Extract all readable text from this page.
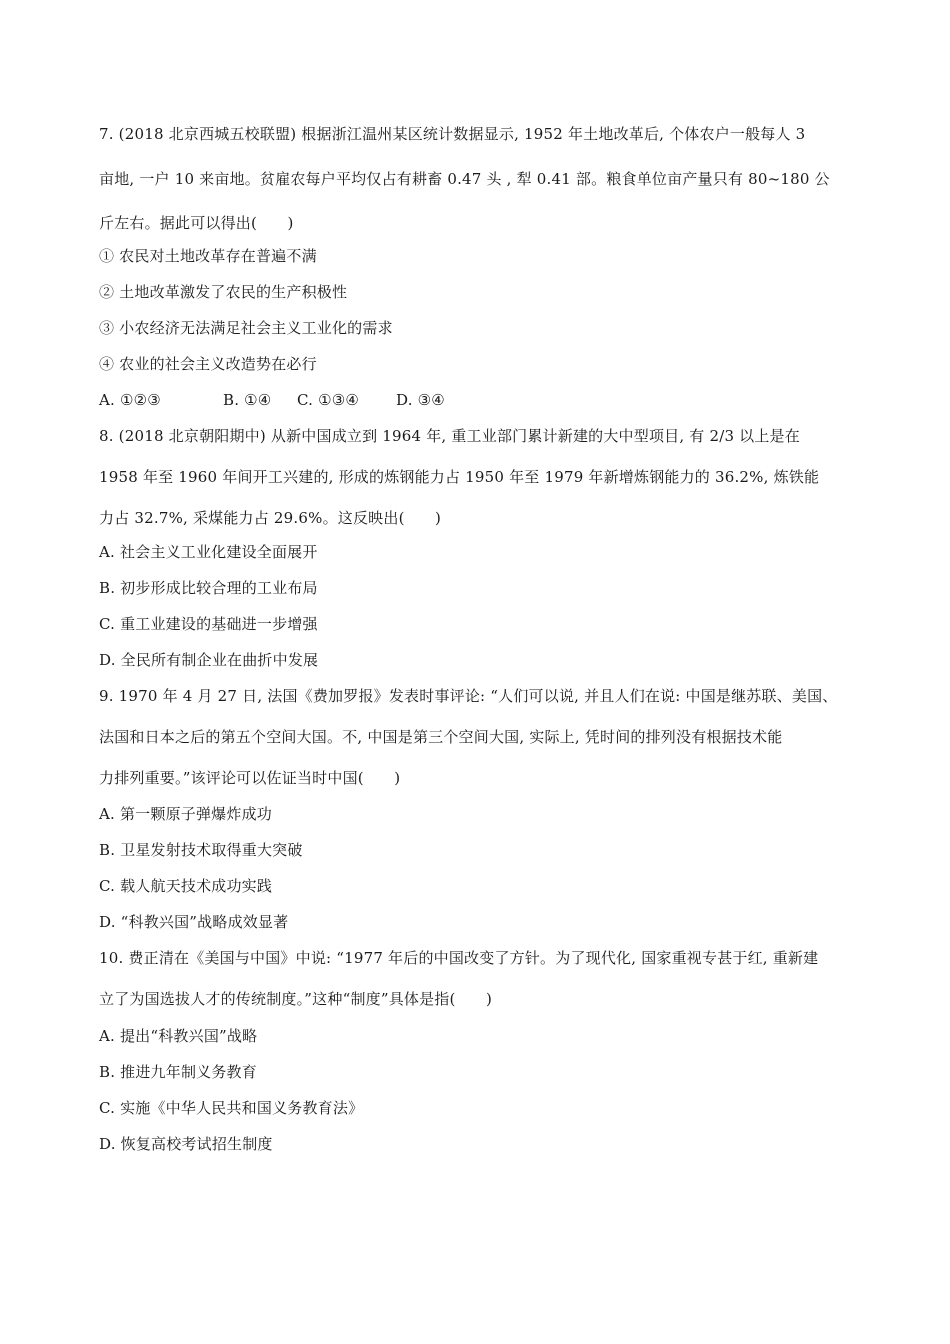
7. (2018 北京西城五校联盟) 根据浙江温州某区统计数据显示, 1952 年土地改革后, 个体农户一般每人 3
亩地, 一户 10 来亩地。贫雇农每户平均仅占有耕畜 0.47 头 , 犁 0.41 部。粮食单位亩产量只有 80~180 公
斤左右。据此可以得出(　　)
① 农民对土地改革存在普遍不满
② 土地改革激发了农民的生产积极性
③ 小农经济无法满足社会主义工业化的需求
④ 农业的社会主义改造势在必行
A. ①②③	B. ①④ C. ①③④ D. ③④
8. (2018 北京朝阳期中) 从新中国成立到 1964 年, 重工业部门累计新建的大中型项目, 有 2/3 以上是在
1958 年至 1960 年间开工兴建的, 形成的炼钢能力占 1950 年至 1979 年新增炼钢能力的 36.2%, 炼铁能
力占 32.7%, 采煤能力占 29.6%。这反映出(　　)
A. 社会主义工业化建设全面展开
B. 初步形成比较合理的工业布局
C. 重工业建设的基础进一步增强
D. 全民所有制企业在曲折中发展
9. 1970 年 4 月 27 日, 法国《费加罗报》发表时事评论: “人们可以说, 并且人们在说: 中国是继苏联、美国、
法国和日本之后的第五个空间大国。不, 中国是第三个空间大国, 实际上, 凭时间的排列没有根据技术能
力排列重要。”该评论可以佐证当时中国(　　)
A. 第一颗原子弹爆炸成功
B. 卫星发射技术取得重大突破
C. 载人航天技术成功实践
D. “科教兴国”战略成效显著
10. 费正清在《美国与中国》中说: “1977 年后的中国改变了方针。为了现代化, 国家重视专甚于红, 重新建
立了为国选拔人才的传统制度。”这种“制度”具体是指(　　)
A. 提出“科教兴国”战略
B. 推进九年制义务教育
C. 实施《中华人民共和国义务教育法》
D. 恢复高校考试招生制度
